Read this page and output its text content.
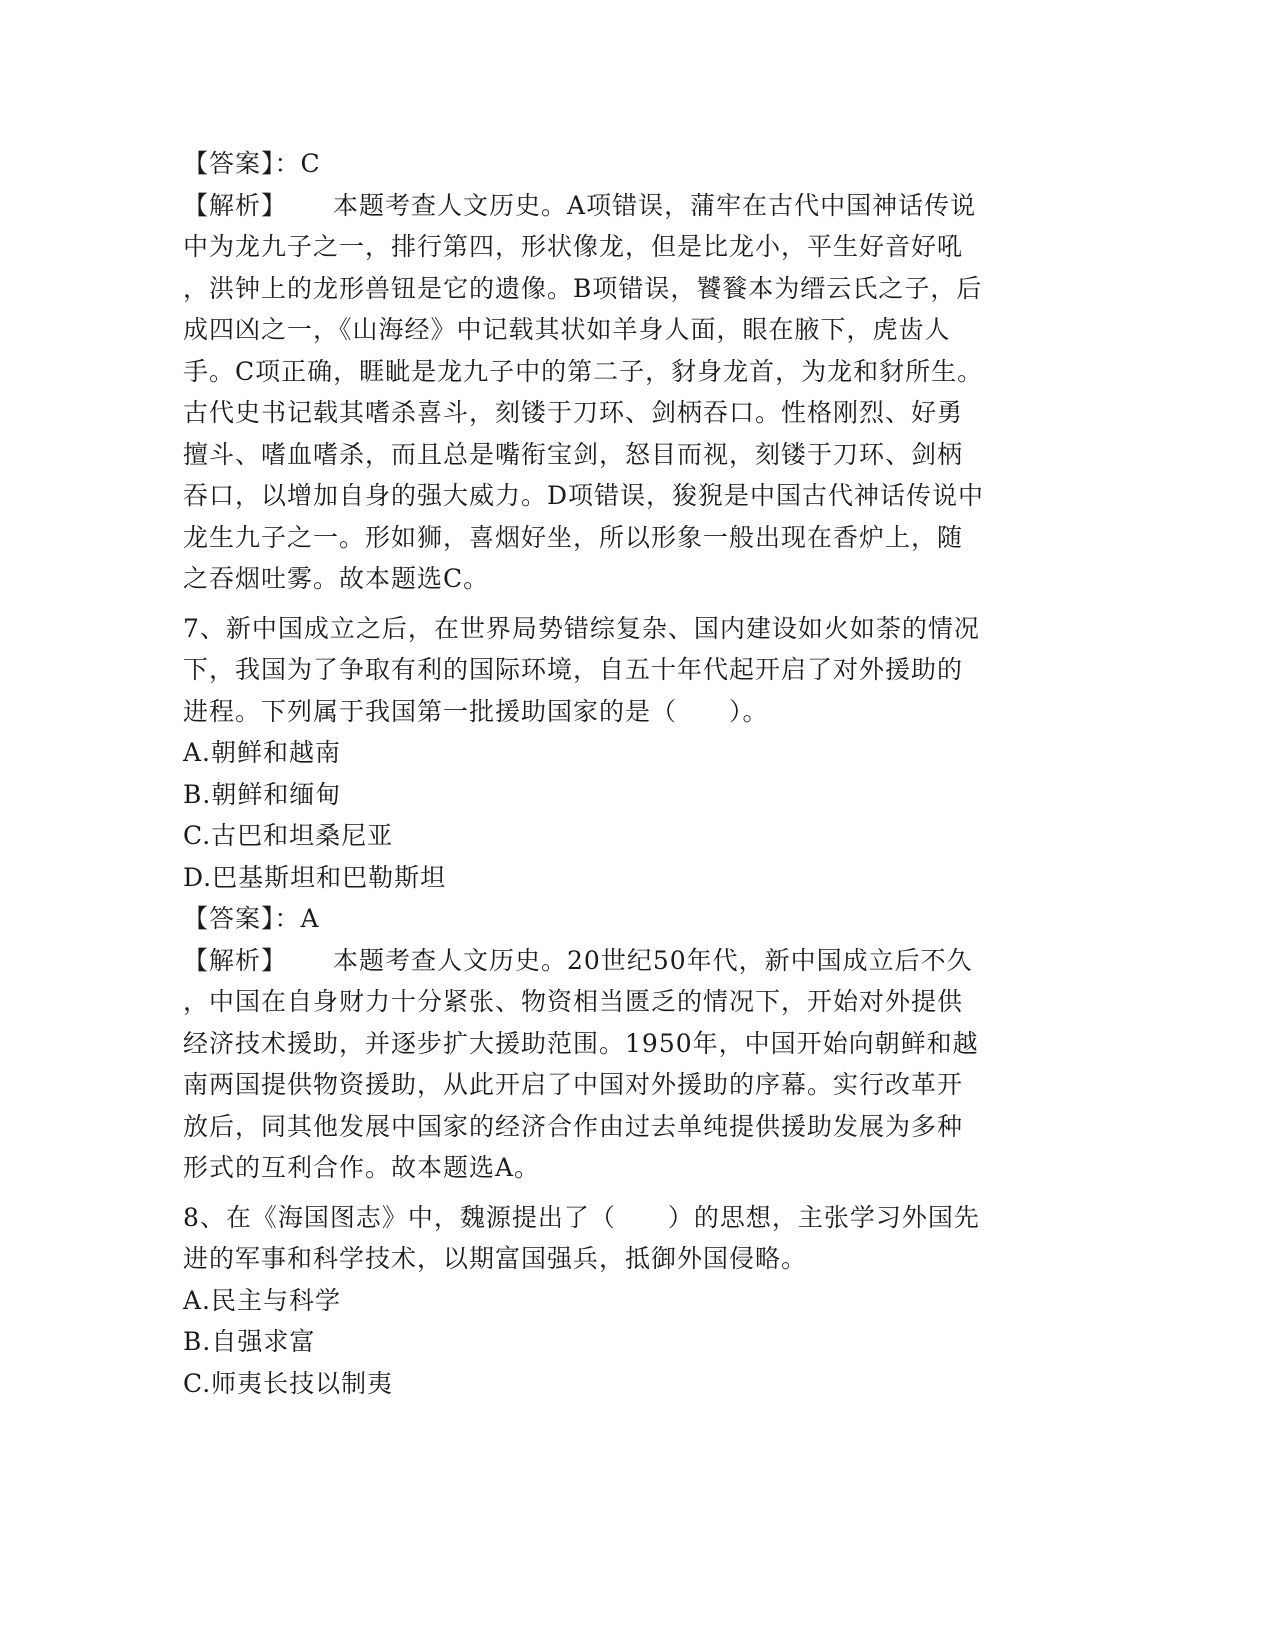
【答案】：C
【解析】 本题考查人文历史。A项错误，蒲牢在古代中国神话传说
中为龙九子之一，排行第四，形状像龙，但是比龙小，平生好音好吼
，洪钟上的龙形兽钮是它的遗像。B项错误，饕餮本为缙云氏之子，后
成四凶之一，《山海经》中记载其状如羊身人面，眼在腋下，虎齿人
手。C项正确，睚眦是龙九子中的第二子，豺身龙首，为龙和豺所生。
古代史书记载其嗜杀喜斗，刻镂于刀环、剑柄吞口。性格刚烈、好勇
擅斗、嗜血嗜杀，而且总是嘴衔宝剑，怒目而视，刻镂于刀环、剑柄
吞口，以增加自身的强大威力。D项错误，狻猊是中国古代神话传说中
龙生九子之一。形如狮，喜烟好坐，所以形象一般出现在香炉上，随
之吞烟吐雾。故本题选C。
7、新中国成立之后，在世界局势错综复杂、国内建设如火如荼的情况
下，我国为了争取有利的国际环境，自五十年代起开启了对外援助的
进程。下列属于我国第一批援助国家的是（　　）。
A.朝鲜和越南
B.朝鲜和缅甸
C.古巴和坦桑尼亚
D.巴基斯坦和巴勒斯坦
【答案】：A
【解析】 本题考查人文历史。20世纪50年代，新中国成立后不久
，中国在自身财力十分紧张、物资相当匮乏的情况下，开始对外提供
经济技术援助，并逐步扩大援助范围。1950年，中国开始向朝鲜和越
南两国提供物资援助，从此开启了中国对外援助的序幕。实行改革开
放后，同其他发展中国家的经济合作由过去单纯提供援助发展为多种
形式的互利合作。故本题选A。
8、在《海国图志》中，魏源提出了（　　）的思想，主张学习外国先
进的军事和科学技术，以期富国强兵，抵御外国侵略。
A.民主与科学
B.自强求富
C.师夷长技以制夷
